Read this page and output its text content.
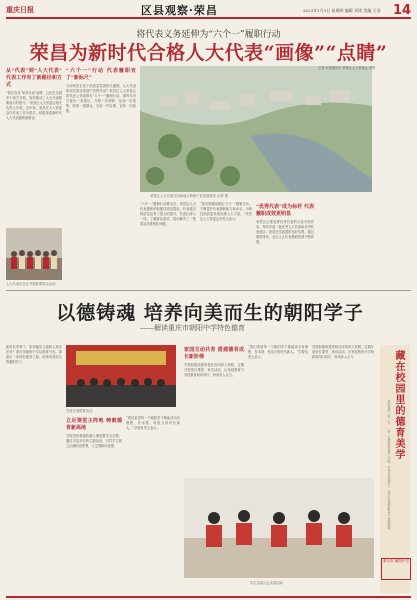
重庆日报	区县观察·荣昌	2023年1月5日 星期四 编辑 刘琦 美编 王浩 14
将代表义务延伸为“六个一”履职行动
荣昌为新时代合格人大代表“画像”“点睛”
从“代表”到“人大代表” 代表工作有了新路径和方式
“我们宣传‘荣昌代表’品牌，已经在全国多个地方开展，有效推动了人大代表履职能力的提升。”荣昌区人大常委会相关负责人介绍，近年来，荣昌区人大常委会以代表工作为抓手，积极探索新时代人大代表履职新路径。
人大代表在社区开展联系群众活动
“六个一”行动 代表履职有了“新标尺”
当前荣昌正处于高质量发展的关键期，人大代表如何在推动发展中发挥作用？荣昌区人大常委会将代表义务延伸为“六个一”履职行动，即每年至少提出一条建议、开展一次调研、参加一次视察、联系一批群众、办好一件实事、宣传一次政策。
荣昌区人大代表在田间地头调研产业发展情况 记者 摄
“六个一”履职行动推出后，荣昌区人大代表履职的积极性明显提高，代表建议的质量也有了很大的提升。代表们深入一线，了解群众需求，推动解决了一批群众急难愁盼问题。
“我们将继续深化‘六个一’履职行动，不断提升代表履职能力和水平，为荣昌高质量发展贡献人大力量。”荣昌区人大常委会负责人表示。
“优秀代表”成为标杆 代表履职成效更明显
荣昌区注重发挥优秀代表的示范引领作用，每年评选一批优秀人大代表和优秀代表建议，营造比学赶超的良好氛围。通过典型带动，全区人大代表履职热情不断高涨。
记者 本报通讯员 荣昌区人大常委会 供图
以德铸魂 培养向美而生的朝阳学子
——解读重庆市朝阳中学特色德育
新时代背景下，如何落实立德树人根本任务？重庆市朝阳中学以德育为先，探索出一条特色德育之路，培养向美而生的朝阳学子。
学校开展德育活动
立足课堂主阵地 铸就德育新高地
学校坚持将德育融入课堂教学全过程，通过丰富多彩的主题活动，引导学生树立正确的世界观、人生观和价值观。
“我们希望每一个朝阳学子都能成为有理想、有本领、有担当的时代新人。”学校负责人表示。
家园互动共育 搭建德育成长新阶梯
学校积极构建家校社协同育人机制，定期开展家长课堂、家访活动，让家庭教育与学校教育同向同行，形成育人合力。
“我们希望每一个朝阳学子都能成为有理想、有本领、有担当的时代新人。”学校负责人表示。
学校积极构建家校社协同育人机制，定期开展家长课堂、家访活动，让家庭教育与学校教育同向同行，形成育人合力。
学生参加社会实践活动
藏在校园里的德育美学
校园里的一草一木、一砖一瓦都承载着育人功能，学校以环境育人，让学生在潜移默化中受到熏陶。
重庆市 朝阳中学
